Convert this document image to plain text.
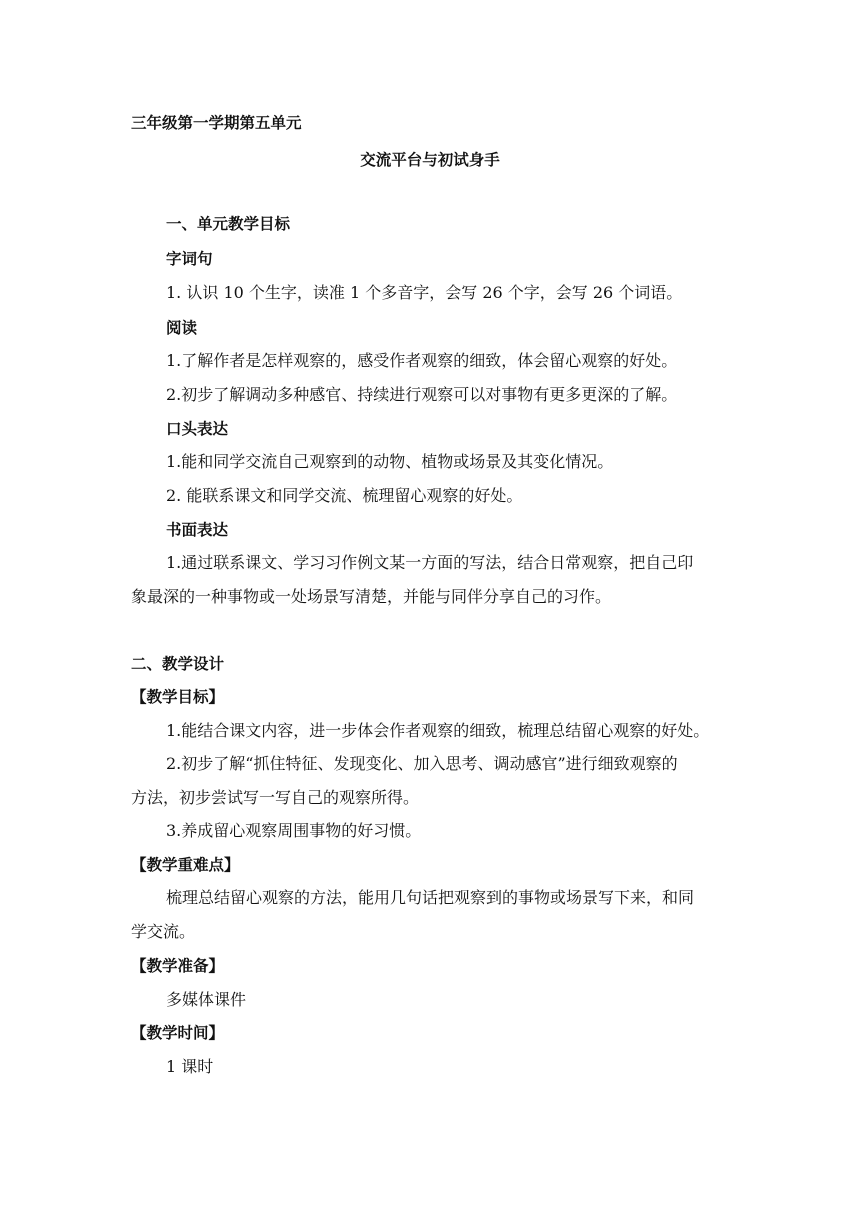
三年级第一学期第五单元
交流平台与初试身手
一、单元教学目标
字词句
1. 认识 10 个生字，读准 1 个多音字，会写 26 个字，会写 26 个词语。
阅读
1.了解作者是怎样观察的，感受作者观察的细致，体会留心观察的好处。
2.初步了解调动多种感官、持续进行观察可以对事物有更多更深的了解。
口头表达
1.能和同学交流自己观察到的动物、植物或场景及其变化情况。
2. 能联系课文和同学交流、梳理留心观察的好处。
书面表达
1.通过联系课文、学习习作例文某一方面的写法，结合日常观察，把自己印
象最深的一种事物或一处场景写清楚，并能与同伴分享自己的习作。
二、教学设计
【教学目标】
1.能结合课文内容，进一步体会作者观察的细致，梳理总结留心观察的好处。
2.初步了解“抓住特征、发现变化、加入思考、调动感官”进行细致观察的
方法，初步尝试写一写自己的观察所得。
3.养成留心观察周围事物的好习惯。
【教学重难点】
梳理总结留心观察的方法，能用几句话把观察到的事物或场景写下来，和同
学交流。
【教学准备】
多媒体课件
【教学时间】
1 课时
